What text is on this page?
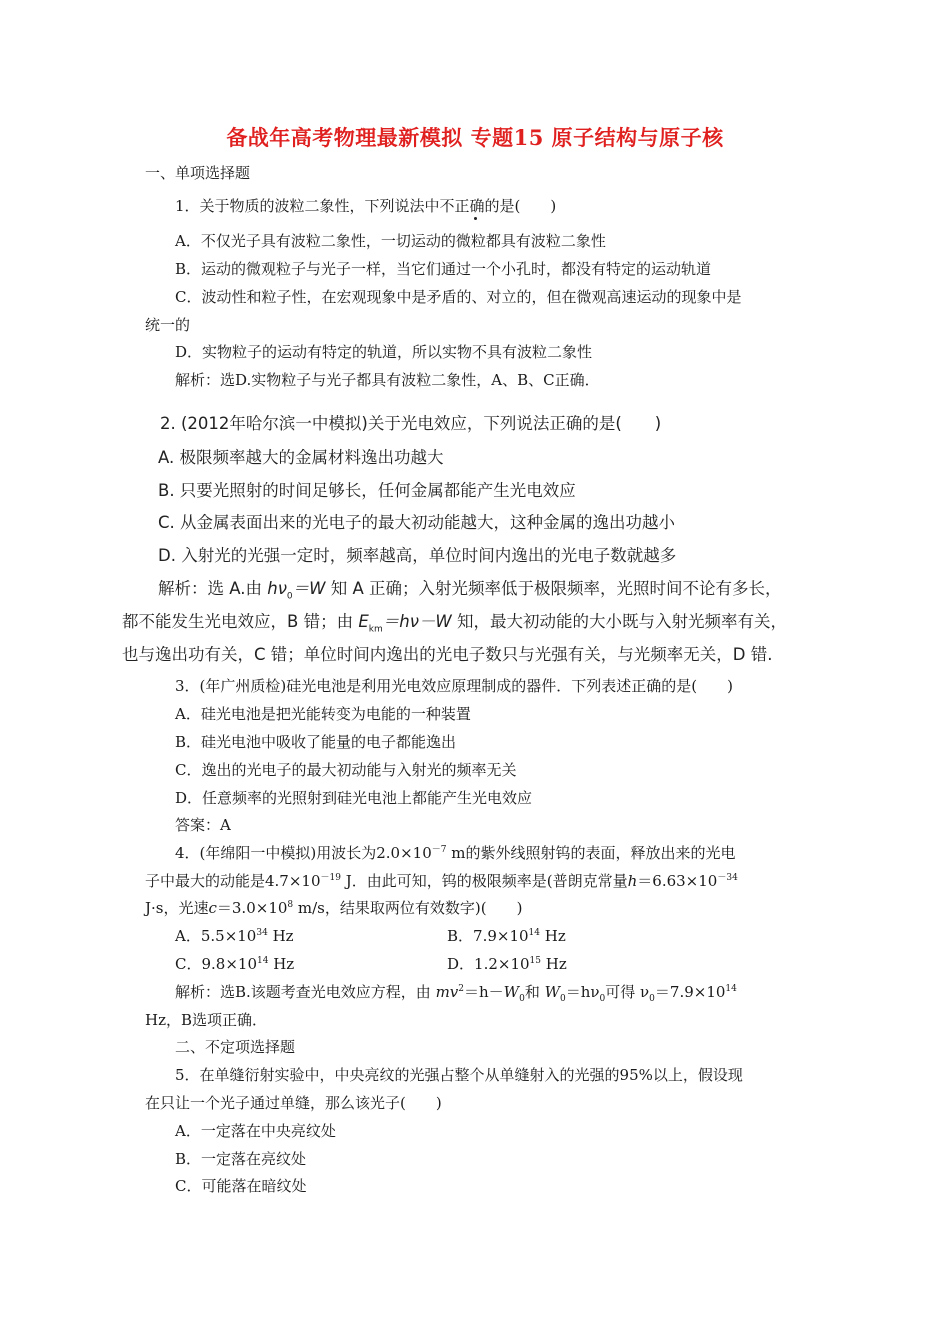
备战年高考物理最新模拟 专题15 原子结构与原子核
一、单项选择题
1．关于物质的波粒二象性，下列说法中不正确的是(　　)
A．不仅光子具有波粒二象性，一切运动的微粒都具有波粒二象性
B．运动的微观粒子与光子一样，当它们通过一个小孔时，都没有特定的运动轨道
C．波动性和粒子性，在宏观现象中是矛盾的、对立的，但在微观高速运动的现象中是
统一的
D．实物粒子的运动有特定的轨道，所以实物不具有波粒二象性
解析：选D.实物粒子与光子都具有波粒二象性，A、B、C正确．
2. (2012年哈尔滨一中模拟)关于光电效应，下列说法正确的是(　　)
A. 极限频率越大的金属材料逸出功越大
B. 只要光照射的时间足够长，任何金属都能产生光电效应
C. 从金属表面出来的光电子的最大初动能越大，这种金属的逸出功越小
D. 入射光的光强一定时，频率越高，单位时间内逸出的光电子数就越多
解析：选 A.由 $h\nu_0=W$ 知 A 正确；入射光频率低于极限频率，光照时间不论有多长，
都不能发生光电效应，B 错；由 $E_{km}=h\nu-W$ 知，最大初动能的大小既与入射光频率有关，
也与逸出功有关，C 错；单位时间内逸出的光电子数只与光强有关，与光频率无关，D 错.
3．(年广州质检)硅光电池是利用光电效应原理制成的器件．下列表述正确的是(　　)
A．硅光电池是把光能转变为电能的一种装置
B．硅光电池中吸收了能量的电子都能逸出
C．逸出的光电子的最大初动能与入射光的频率无关
D．任意频率的光照射到硅光电池上都能产生光电效应
答案：A
4．(年绵阳一中模拟)用波长为$2.0\times 10^{-7}$ m的紫外线照射钨的表面，释放出来的光电
子中最大的动能是$4.7\times 10^{-19}$ J．由此可知，钨的极限频率是(普朗克常量$h=6.63\times 10^{-34}$
J·s，光速$c=3.0\times 10^8$ m/s，结果取两位有效数字)(　　)
A．$5.5\times 10^{34}$ Hz	B．$7.9\times 10^{14}$ Hz
C．$9.8\times 10^{14}$ Hz	D．$1.2\times 10^{15}$ Hz
解析：选B.该题考查光电效应方程，由 $mv^2=h-W_0$和 $W_0=h\nu_0$可得 $\nu_0=7.9\times 10^{14}$
Hz，B选项正确．
二、不定项选择题
5．在单缝衍射实验中，中央亮纹的光强占整个从单缝射入的光强的95%以上，假设现
在只让一个光子通过单缝，那么该光子(　　)
A．一定落在中央亮纹处
B．一定落在亮纹处
C．可能落在暗纹处
